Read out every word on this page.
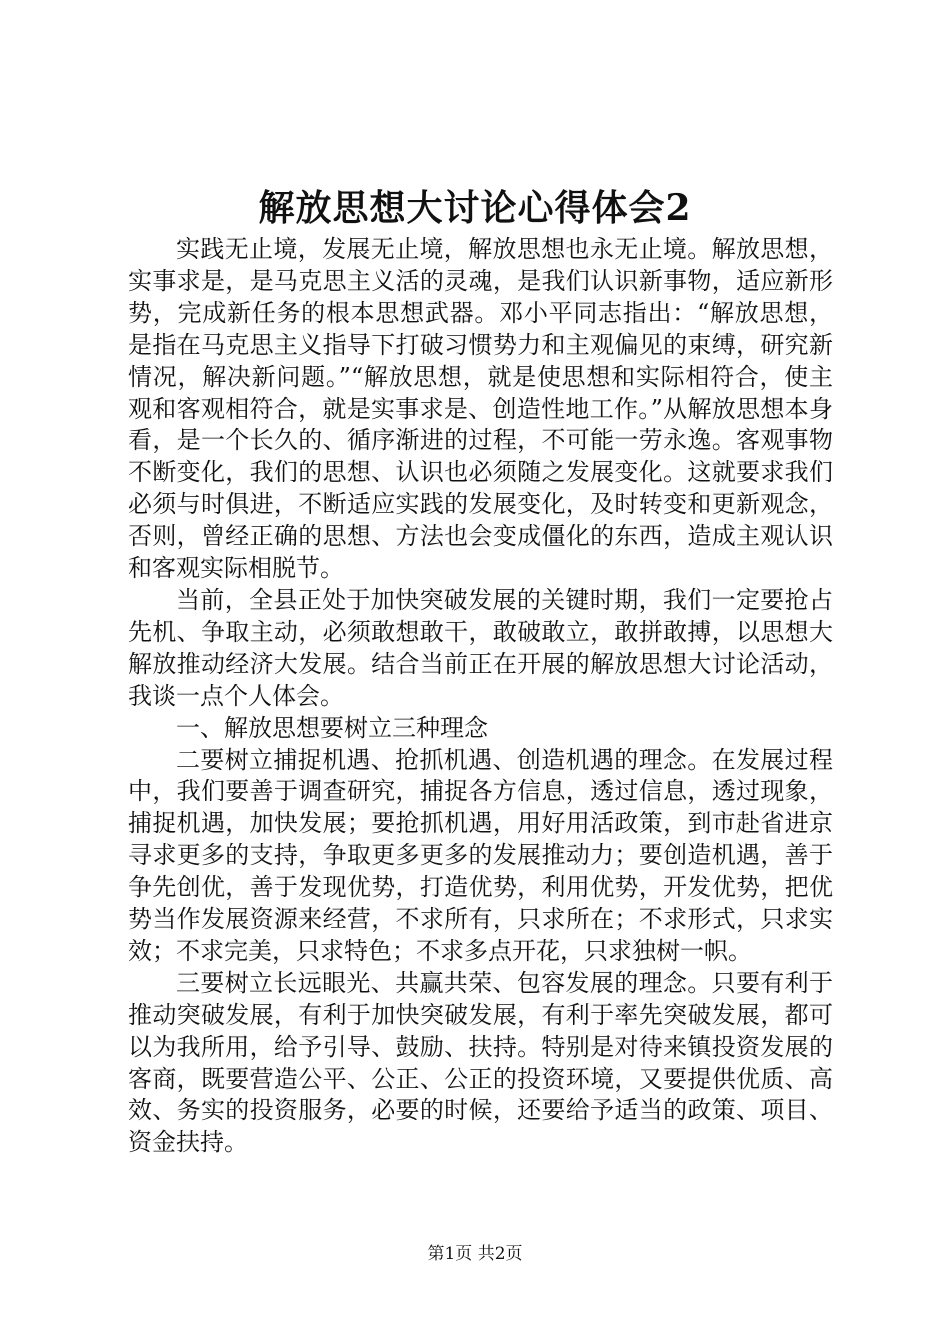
解放思想大讨论心得体会2

实践无止境，发展无止境，解放思想也永无止境。解放思想，实事求是，是马克思主义活的灵魂，是我们认识新事物，适应新形势，完成新任务的根本思想武器。邓小平同志指出：“解放思想，是指在马克思主义指导下打破习惯势力和主观偏见的束缚，研究新情况，解决新问题。”“解放思想，就是使思想和实际相符合，使主观和客观相符合，就是实事求是、创造性地工作。”从解放思想本身看，是一个长久的、循序渐进的过程，不可能一劳永逸。客观事物不断变化，我们的思想、认识也必须随之发展变化。这就要求我们必须与时俱进，不断适应实践的发展变化，及时转变和更新观念，否则，曾经正确的思想、方法也会变成僵化的东西，造成主观认识和客观实际相脱节。

当前，全县正处于加快突破发展的关键时期，我们一定要抢占先机、争取主动，必须敢想敢干，敢破敢立，敢拼敢搏，以思想大解放推动经济大发展。结合当前正在开展的解放思想大讨论活动，我谈一点个人体会。

一、解放思想要树立三种理念

二要树立捕捉机遇、抢抓机遇、创造机遇的理念。在发展过程中，我们要善于调查研究，捕捉各方信息，透过信息，透过现象，捕捉机遇，加快发展；要抢抓机遇，用好用活政策，到市赴省进京寻求更多的支持，争取更多更多的发展推动力；要创造机遇，善于争先创优，善于发现优势，打造优势，利用优势，开发优势，把优势当作发展资源来经营，不求所有，只求所在；不求形式，只求实效；不求完美，只求特色；不求多点开花，只求独树一帜。

三要树立长远眼光、共赢共荣、包容发展的理念。只要有利于推动突破发展，有利于加快突破发展，有利于率先突破发展，都可以为我所用，给予引导、鼓励、扶持。特别是对待来镇投资发展的客商，既要营造公平、公正、公正的投资环境，又要提供优质、高效、务实的投资服务，必要的时候，还要给予适当的政策、项目、资金扶持。

第1页 共2页
